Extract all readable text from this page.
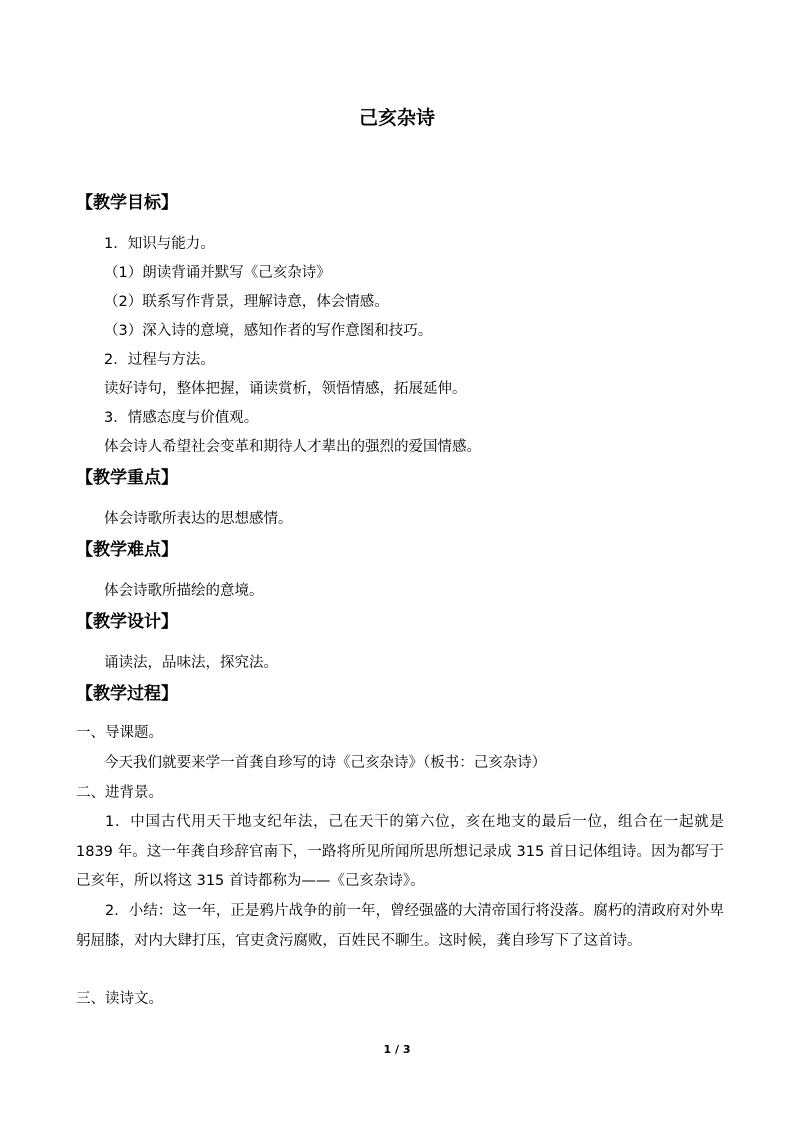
己亥杂诗
【教学目标】
1．知识与能力。
（1）朗读背诵并默写《己亥杂诗》
（2）联系写作背景，理解诗意，体会情感。
（3）深入诗的意境，感知作者的写作意图和技巧。
2．过程与方法。
读好诗句，整体把握，诵读赏析，领悟情感，拓展延伸。
3．情感态度与价值观。
体会诗人希望社会变革和期待人才辈出的强烈的爱国情感。
【教学重点】
体会诗歌所表达的思想感情。
【教学难点】
体会诗歌所描绘的意境。
【教学设计】
诵读法，品味法，探究法。
【教学过程】
一、导课题。
今天我们就要来学一首龚自珍写的诗《己亥杂诗》（板书：己亥杂诗）
二、进背景。
1．中国古代用天干地支纪年法，己在天干的第六位，亥在地支的最后一位，组合在一起就是 1839 年。这一年龚自珍辞官南下，一路将所见所闻所思所想记录成 315 首日记体组诗。因为都写于己亥年，所以将这 315 首诗都称为——《己亥杂诗》。
2．小结：这一年，正是鸦片战争的前一年，曾经强盛的大清帝国行将没落。腐朽的清政府对外卑躬屈膝，对内大肆打压，官吏贪污腐败，百姓民不聊生。这时候，龚自珍写下了这首诗。
三、读诗文。
1 / 3
